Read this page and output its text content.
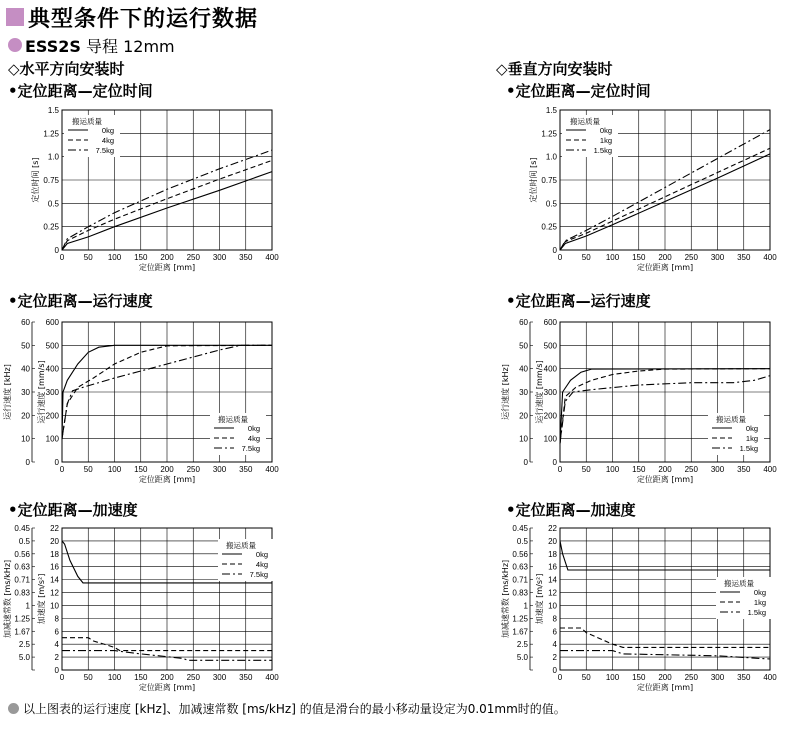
典型条件下的运行数据
ESS2S 导程 12mm
◇水平方向安装时	◇垂直方向安装时
•定位距离—定位时间	•定位距离—定位时间
•定位距离—运行速度	•定位距离—运行速度
•定位距离—加速度	•定位距离—加速度
0 50 100 150 200 250 300 350 400
0
0.25
0.5
0.75
1.0
1.25
1.5
定位距离 [mm]
定位时间 [s]
搬运质量
0kg
4kg
7.5kg
0 50 100 150 200 250 300 350 400
0
0.25
0.5
0.75
1.0
1.25
1.5
定位距离 [mm]
定位时间 [s]
搬运质量
0kg
1kg
1.5kg
0 50 100 150 200 250 300 350 400
0
100
200
300
400
500
600
定位距离 [mm]
运行速度 [mm/s]
0
10
20
30
40
50
60
运行速度 [kHz]	搬运质量
0kg
4kg
7.5kg
0 50 100 150 200 250 300 350 400
0
100
200
300
400
500
600
定位距离 [mm]
运行速度 [mm/s]
0
10
20
30
40
50
60
运行速度 [kHz]	搬运质量
0kg
1kg
1.5kg
0 50 100 150 200 250 300 350 400
0
2
4
6
8
10
12
14
16
18
20
22
定位距离 [mm]
加速度 [m/s²]
5.0
2.5
1.67
1.25
1
0.83
0.71
0.63
0.56
0.5
0.45
加减速常数 [ms/kHz]
搬运质量
0kg
4kg
7.5kg
0 50 100 150 200 250 300 350 400
0
2
4
6
8
10
12
14
16
18
20
22
定位距离 [mm]
加速度 [m/s²]
5.0
2.5
1.67
1.25
1
0.83
0.71
0.63
0.56
0.5
0.45
加减速常数 [ms/kHz]	搬运质量
0kg
1kg
1.5kg
以上图表的运行速度 [kHz]、加减速常数 [ms/kHz] 的值是滑台的最小移动量设定为0.01mm时的值。
